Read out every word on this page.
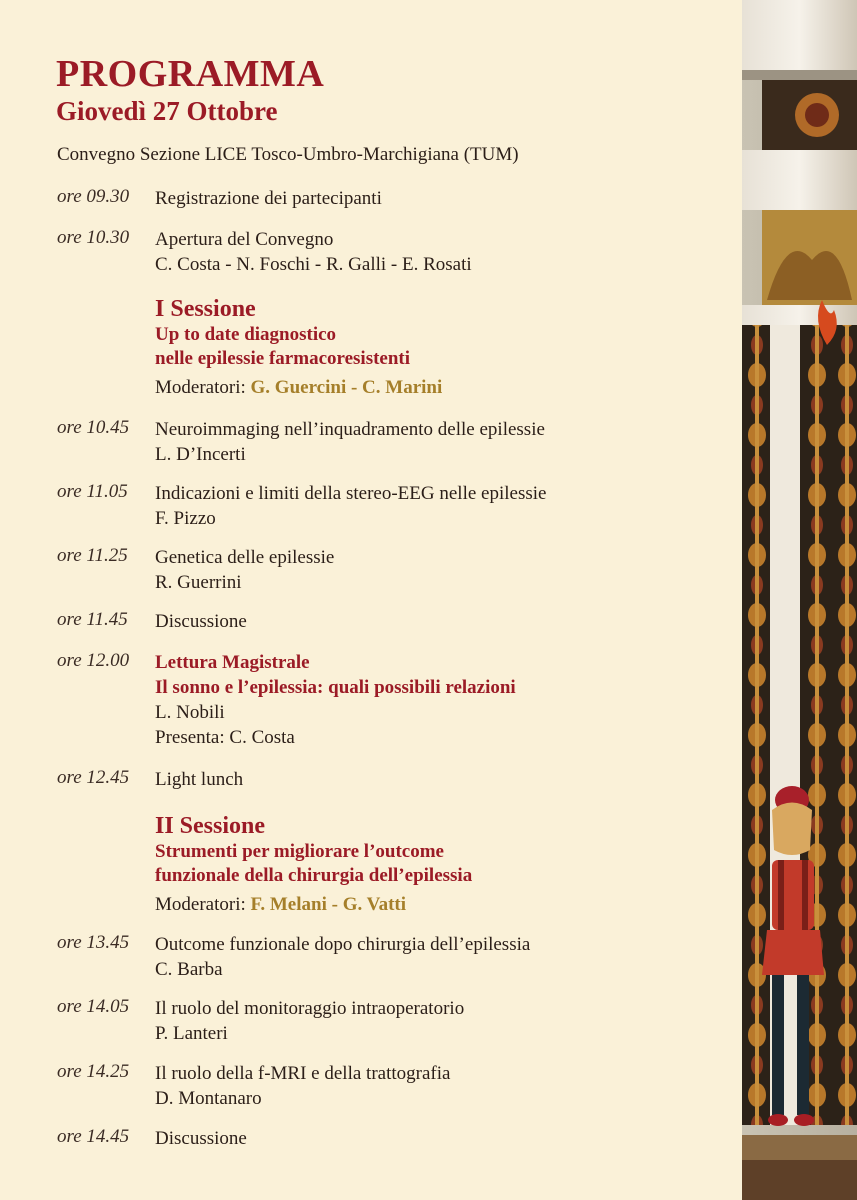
PROGRAMMA
Giovedì 27 Ottobre
Convegno Sezione LICE Tosco-Umbro-Marchigiana (TUM)
ore 09.30 Registrazione dei partecipanti
ore 10.30 Apertura del Convegno
C. Costa - N. Foschi - R. Galli - E. Rosati
I Sessione
Up to date diagnostico
nelle epilessie farmacoresistenti
Moderatori: G. Guercini - C. Marini
ore 10.45 Neuroimmaging nell’inquadramento delle epilessie
L. D’Incerti
ore 11.05 Indicazioni e limiti della stereo-EEG nelle epilessie
F. Pizzo
ore 11.25 Genetica delle epilessie
R. Guerrini
ore 11.45 Discussione
ore 12.00 Lettura Magistrale
Il sonno e l’epilessia: quali possibili relazioni
L. Nobili
Presenta: C. Costa
ore 12.45 Light lunch
II Sessione
Strumenti per migliorare l’outcome
funzionale della chirurgia dell’epilessia
Moderatori: F. Melani - G. Vatti
ore 13.45 Outcome funzionale dopo chirurgia dell’epilessia
C. Barba
ore 14.05 Il ruolo del monitoraggio intraoperatorio
P. Lanteri
ore 14.25 Il ruolo della f-MRI e della trattografia
D. Montanaro
ore 14.45 Discussione
